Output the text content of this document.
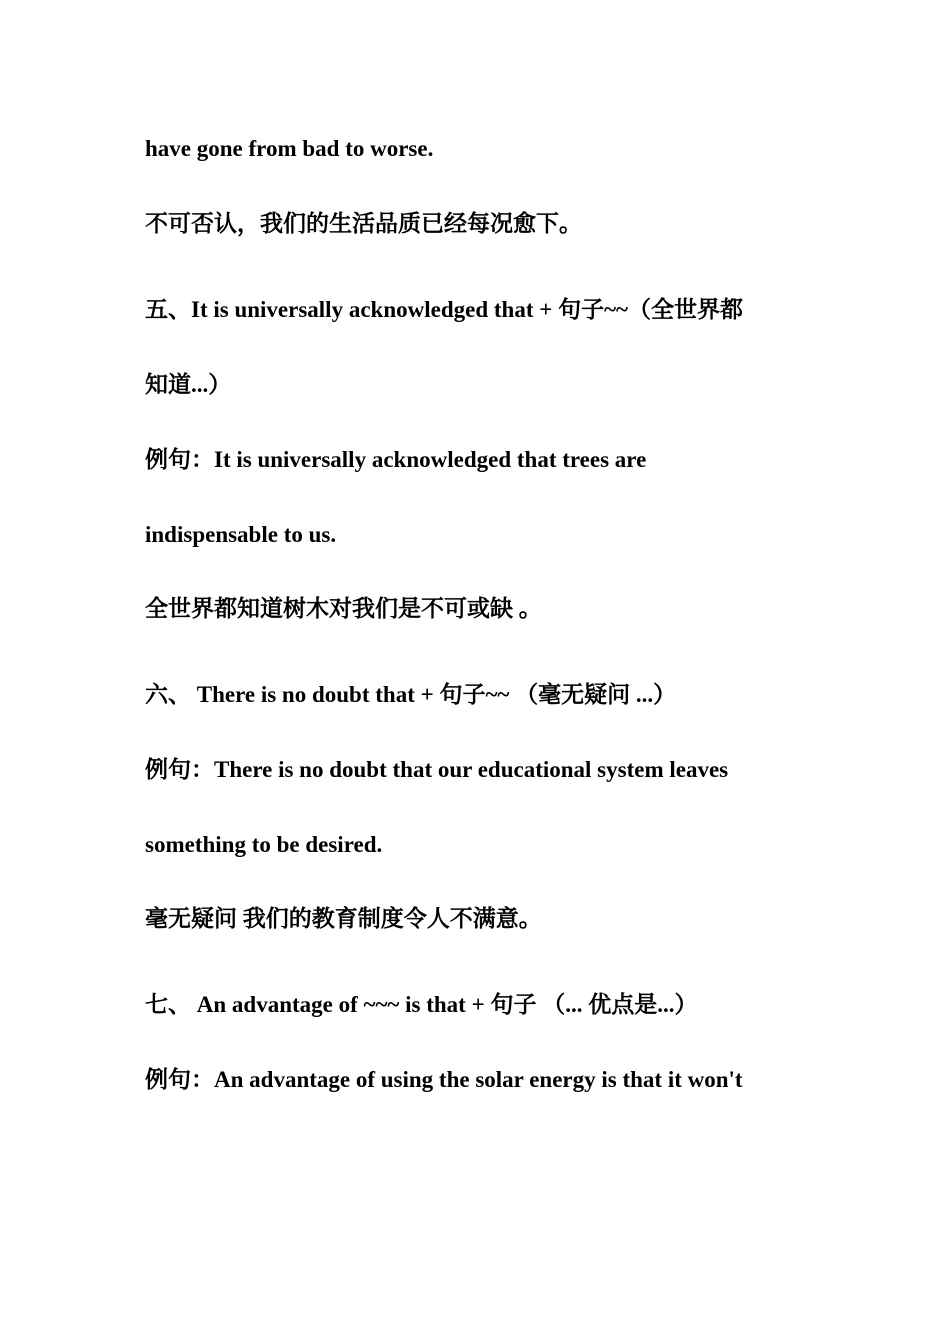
have gone from bad to worse.
不可否认，我们的生活品质已经每况愈下。
五、It is universally acknowledged that + 句子~~（全世界都
知道...）
例句：It is universally acknowledged that trees are
indispensable to us.
全世界都知道树木对我们是不可或缺 。
六、 There is no doubt that + 句子~~ （毫无疑问 ...）
例句：There is no doubt that our educational system leaves
something to be desired.
毫无疑问 我们的教育制度令人不满意。
七、 An advantage of ~~~ is that + 句子 （... 优点是...）
例句：An advantage of using the solar energy is that it won't
